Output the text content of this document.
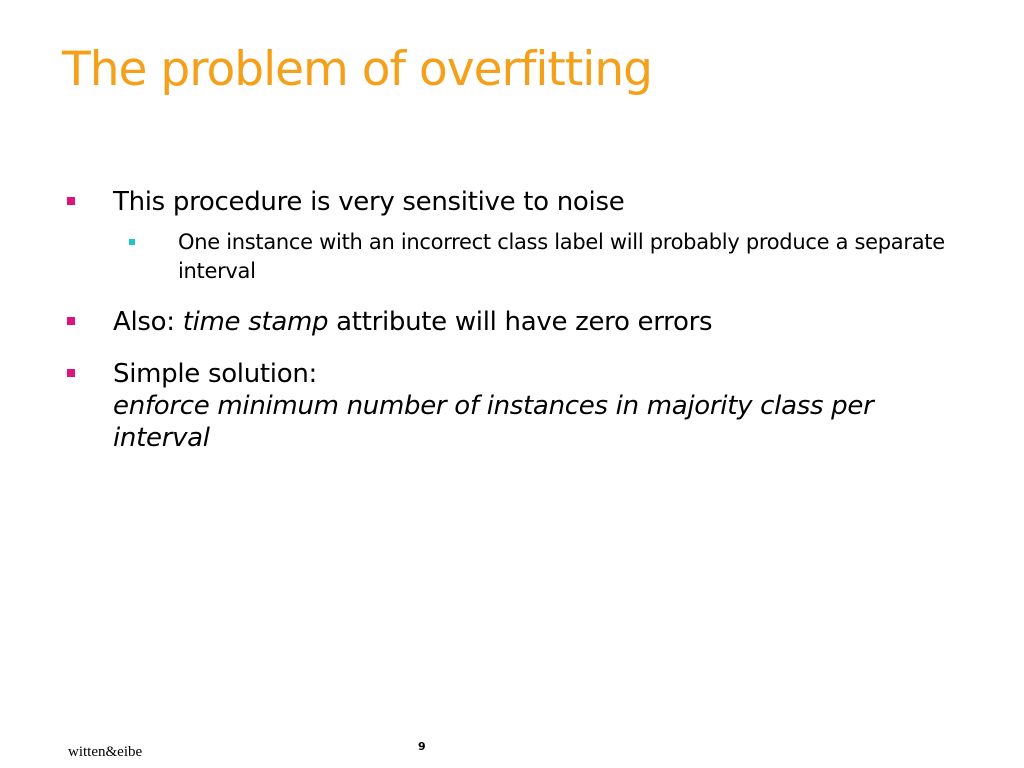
The problem of overfitting
This procedure is very sensitive to noise
One instance with an incorrect class label will probably produce a separate interval
Also: time stamp attribute will have zero errors
Simple solution:
enforce minimum number of instances in majority class per interval
witten&eibe	9
